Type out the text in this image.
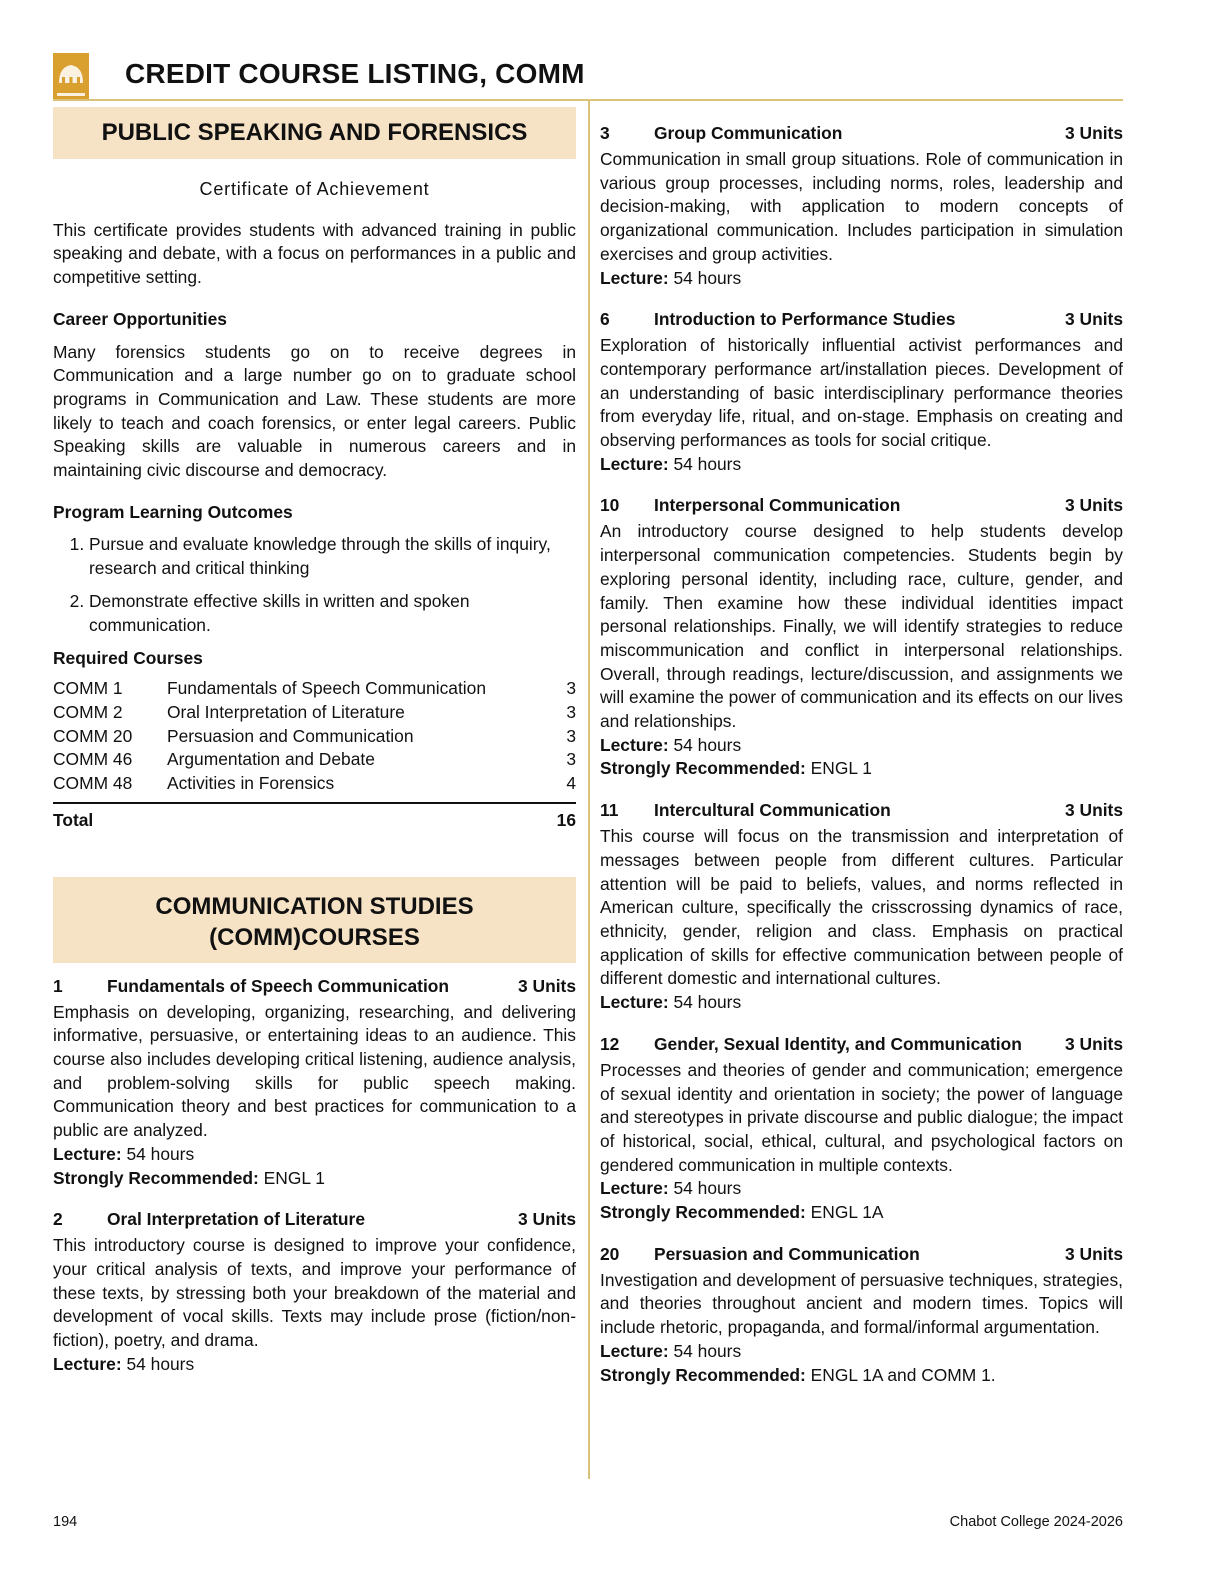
CREDIT COURSE LISTING, COMM
PUBLIC SPEAKING AND FORENSICS
Certificate of Achievement

This certificate provides students with advanced training in public speaking and debate, with a focus on performances in a public and competitive setting.

Career Opportunities

Many forensics students go on to receive degrees in Communication and a large number go on to graduate school programs in Communication and Law. These students are more likely to teach and coach forensics, or enter legal careers. Public Speaking skills are valuable in numerous careers and in maintaining civic discourse and democracy.

Program Learning Outcomes
1. Pursue and evaluate knowledge through the skills of inquiry, research and critical thinking
2. Demonstrate effective skills in written and spoken communication.
Required Courses
COMM 1	Fundamentals of Speech Communication	3
COMM 2	Oral Interpretation of Literature	3
COMM 20	Persuasion and Communication	3
COMM 46	Argumentation and Debate	3
COMM 48	Activities in Forensics	4
Total	16
COMMUNICATION STUDIES
(COMM)COURSES
1	Fundamentals of Speech Communication	3 Units

Emphasis on developing, organizing, researching, and delivering informative, persuasive, or entertaining ideas to an audience. This course also includes developing critical listening, audience analysis, and problem-solving skills for public speech making. Communication theory and best practices for communication to a public are analyzed.

Lecture: 54 hours
Strongly Recommended: ENGL 1
2	Oral Interpretation of Literature	3 Units

This introductory course is designed to improve your confidence, your critical analysis of texts, and improve your performance of these texts, by stressing both your breakdown of the material and development of vocal skills. Texts may include prose (fiction/non-fiction), poetry, and drama.

Lecture: 54 hours
3	Group Communication	3 Units

Communication in small group situations. Role of communication in various group processes, including norms, roles, leadership and decision-making, with application to modern concepts of organizational communication. Includes participation in simulation exercises and group activities.

Lecture: 54 hours
6	Introduction to Performance Studies	3 Units

Exploration of historically influential activist performances and contemporary performance art/installation pieces. Development of an understanding of basic interdisciplinary performance theories from everyday life, ritual, and on-stage. Emphasis on creating and observing performances as tools for social critique.

Lecture: 54 hours
10	Interpersonal Communication	3 Units

An introductory course designed to help students develop interpersonal communication competencies. Students begin by exploring personal identity, including race, culture, gender, and family. Then examine how these individual identities impact personal relationships. Finally, we will identify strategies to reduce miscommunication and conflict in interpersonal relationships. Overall, through readings, lecture/discussion, and assignments we will examine the power of communication and its effects on our lives and relationships.

Lecture: 54 hours
Strongly Recommended: ENGL 1
11	Intercultural Communication	3 Units

This course will focus on the transmission and interpretation of messages between people from different cultures. Particular attention will be paid to beliefs, values, and norms reflected in American culture, specifically the crisscrossing dynamics of race, ethnicity, gender, religion and class. Emphasis on practical application of skills for effective communication between people of different domestic and international cultures.

Lecture: 54 hours
12	Gender, Sexual Identity, and Communication	3 Units

Processes and theories of gender and communication; emergence of sexual identity and orientation in society; the power of language and stereotypes in private discourse and public dialogue; the impact of historical, social, ethical, cultural, and psychological factors on gendered communication in multiple contexts.

Lecture: 54 hours
Strongly Recommended: ENGL 1A
20	Persuasion and Communication	3 Units

Investigation and development of persuasive techniques, strategies, and theories throughout ancient and modern times. Topics will include rhetoric, propaganda, and formal/informal argumentation.

Lecture: 54 hours
Strongly Recommended: ENGL 1A and COMM 1.
194	Chabot College 2024-2026
